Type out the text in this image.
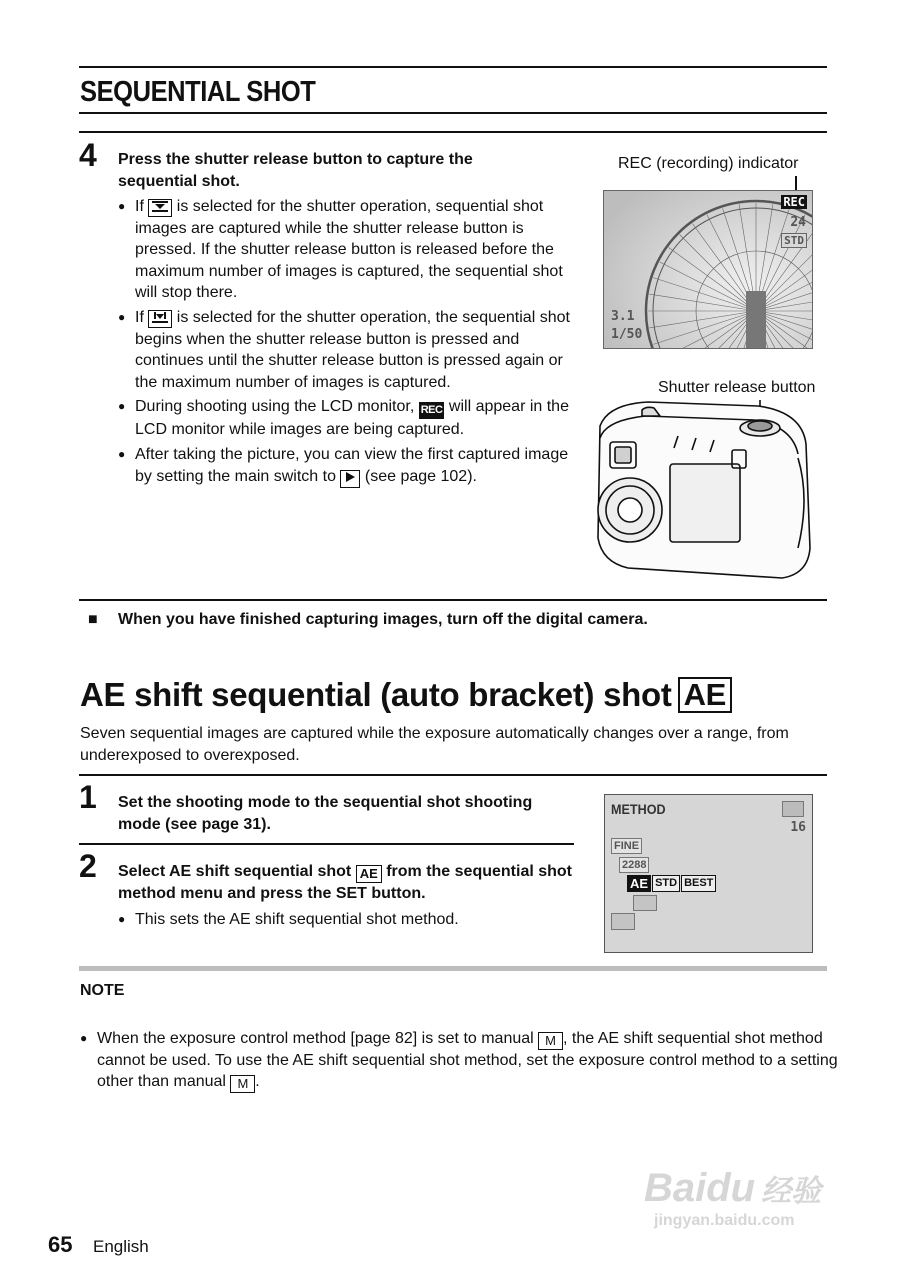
SEQUENTIAL SHOT
4 Press the shutter release button to capture the sequential shot.
● If is selected for the shutter operation, sequential shot images are captured while the shutter release button is pressed. If the shutter release button is released before the maximum number of images is captured, the sequential shot will stop there.
● If is selected for the shutter operation, the sequential shot begins when the shutter release button is pressed and continues until the shutter release button is pressed again or the maximum number of images is captured.
● During shooting using the LCD monitor, REC will appear in the LCD monitor while images are being captured.
● After taking the picture, you can view the first captured image by setting the main switch to (see page 102).
REC (recording) indicator
REC
24
STD
3.1
1/50
Shutter release button
■ When you have finished capturing images, turn off the digital camera.
AE shift sequential (auto bracket) shot AE
Seven sequential images are captured while the exposure automatically changes over a range, from underexposed to overexposed.
1 Set the shooting mode to the sequential shot shooting mode (see page 31).
2 Select AE shift sequential shot AE from the sequential shot method menu and press the SET button.
● This sets the AE shift sequential shot method.
METHOD
16
FINE
2288
AE STD BEST
NOTE
● When the exposure control method [page 82] is set to manual M , the AE shift sequential shot method cannot be used. To use the AE shift sequential shot method, set the exposure control method to a setting other than manual M .
Baidu 经验
jingyan.baidu.com
65 English
